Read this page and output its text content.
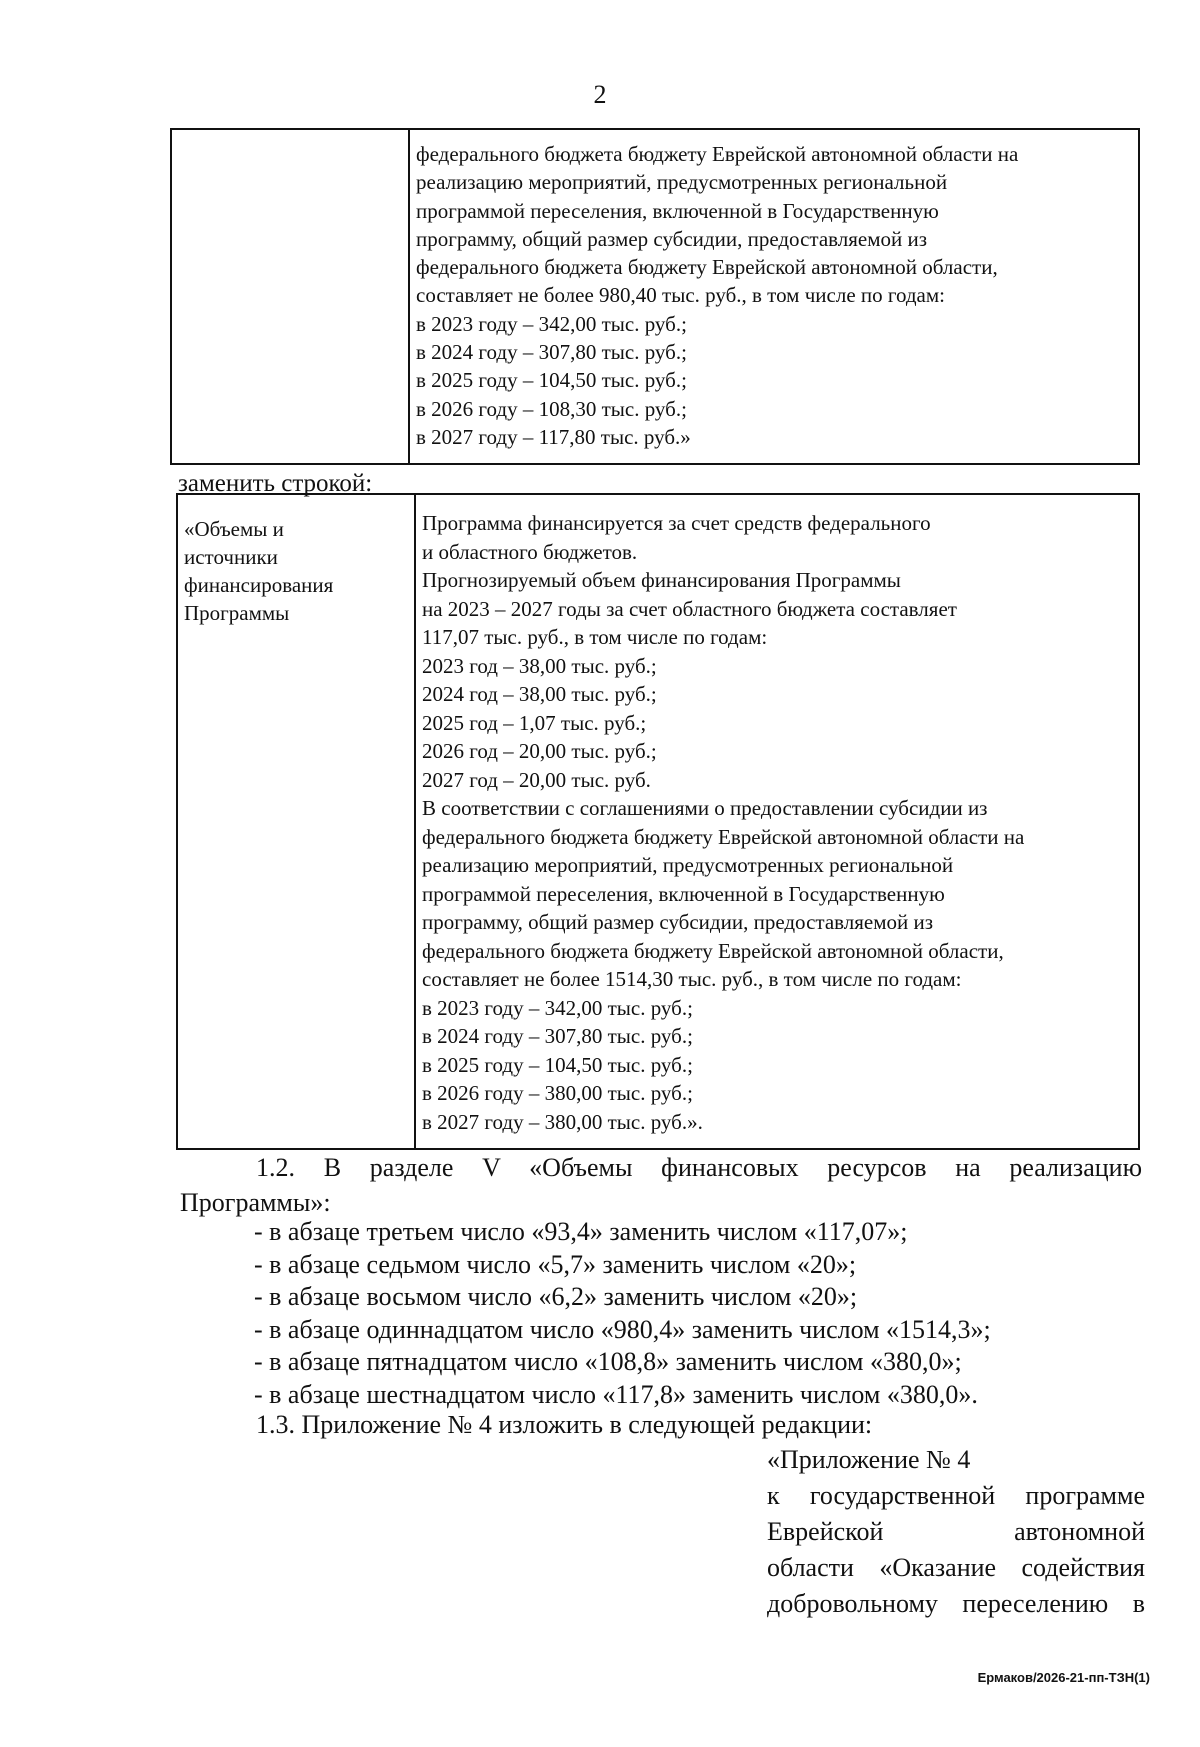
2
федерального бюджета бюджету Еврейской автономной области на
реализацию мероприятий, предусмотренных региональной
программой переселения, включенной в Государственную
программу, общий размер субсидии, предоставляемой из
федерального бюджета бюджету Еврейской автономной области,
составляет не более 980,40 тыс. руб., в том числе по годам:
в 2023 году – 342,00 тыс. руб.;
в 2024 году – 307,80 тыс. руб.;
в 2025 году – 104,50 тыс. руб.;
в 2026 году – 108,30 тыс. руб.;
в 2027 году – 117,80 тыс. руб.»
заменить строкой:
«Объемы и
источники
финансирования
Программы
Программа финансируется за счет средств федерального
и областного бюджетов.
Прогнозируемый объем финансирования Программы
на 2023 – 2027 годы за счет областного бюджета составляет
117,07 тыс. руб., в том числе по годам:
2023 год – 38,00 тыс. руб.;
2024 год – 38,00 тыс. руб.;
2025 год – 1,07 тыс. руб.;
2026 год – 20,00 тыс. руб.;
2027 год – 20,00 тыс. руб.
В соответствии с соглашениями о предоставлении субсидии из
федерального бюджета бюджету Еврейской автономной области на
реализацию мероприятий, предусмотренных региональной
программой переселения, включенной в Государственную
программу, общий размер субсидии, предоставляемой из
федерального бюджета бюджету Еврейской автономной области,
составляет не более 1514,30 тыс. руб., в том числе по годам:
в 2023 году – 342,00 тыс. руб.;
в 2024 году – 307,80 тыс. руб.;
в 2025 году – 104,50 тыс. руб.;
в 2026 году – 380,00 тыс. руб.;
в 2027 году – 380,00 тыс. руб.».
1.2. В разделе V «Объемы финансовых ресурсов на реализацию
Программы»:
- в абзаце третьем число «93,4» заменить числом «117,07»;
- в абзаце седьмом число «5,7» заменить числом «20»;
- в абзаце восьмом число «6,2» заменить числом «20»;
- в абзаце одиннадцатом число «980,4» заменить числом «1514,3»;
- в абзаце пятнадцатом число «108,8» заменить числом «380,0»;
- в абзаце шестнадцатом число «117,8» заменить числом «380,0».
1.3. Приложение № 4 изложить в следующей редакции:
«Приложение № 4
к государственной программе
Еврейской автономной
области «Оказание содействия
добровольному переселению в
Ермаков/2026-21-пп-ТЗН(1)
